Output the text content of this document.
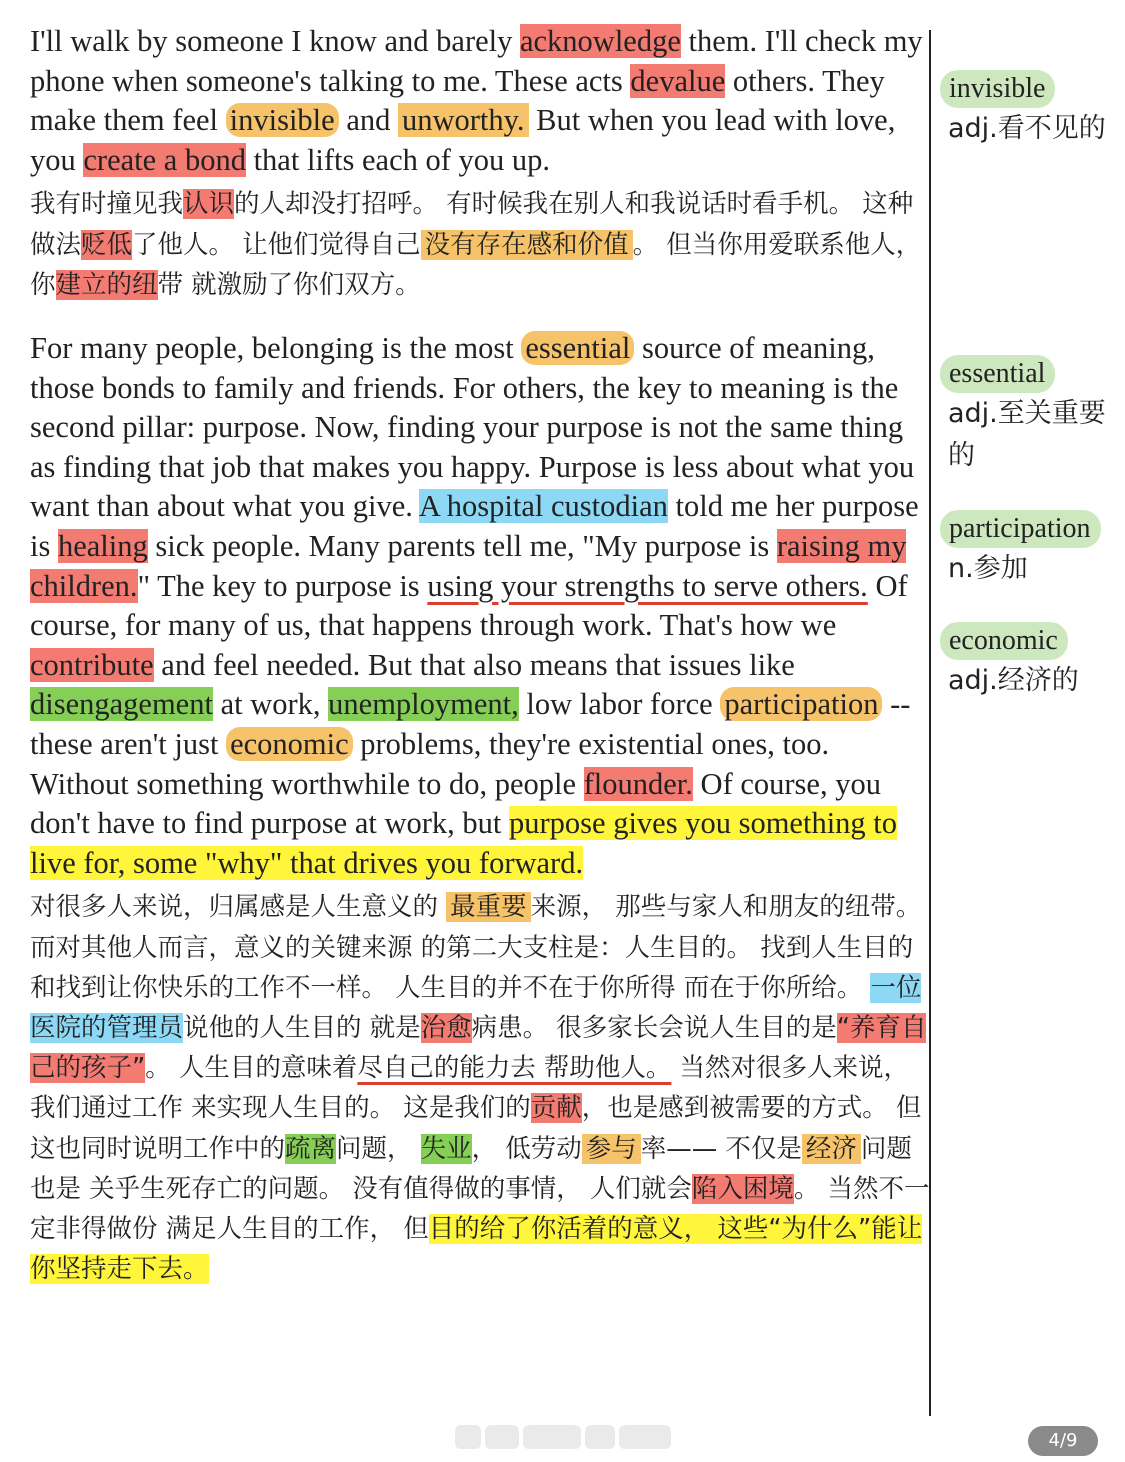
I'll walk by someone I know and barely acknowledge them. I'll check my phone when someone's talking to me. These acts devalue others. They make them feel invisible and unworthy. But when you lead with love, you create a bond that lifts each of you up.

我有时撞见我认识的人却没打招呼。 有时候我在别人和我说话时看手机。 这种做法贬低了他人。 让他们觉得自己 没有存在感和价值 。 但当你用爱联系他人，你建立的纽带 就激励了你们双方。

For many people, belonging is the most essential source of meaning, those bonds to family and friends. For others, the key to meaning is the second pillar: purpose. Now, finding your purpose is not the same thing as finding that job that makes you happy. Purpose is less about what you want than about what you give. A hospital custodian told me her purpose is healing sick people. Many parents tell me, "My purpose is raising my children." The key to purpose is using your strengths to serve others. Of course, for many of us, that happens through work. That's how we contribute and feel needed. But that also means that issues like disengagement at work, unemployment, low labor force participation -- these aren't just economic problems, they're existential ones, too. Without something worthwhile to do, people flounder. Of course, you don't have to find purpose at work, but purpose gives you something to live for, some "why" that drives you forward.

对很多人来说，归属感是人生意义的 最重要 来源， 那些与家人和朋友的纽带。 而对其他人而言，意义的关键来源 的第二大支柱是：人生目的。 找到人生目的 和找到让你快乐的工作不一样。 人生目的并不在于你所得 而在于你所给。 一位医院的管理员说他的人生目的 就是治愈病患。 很多家长会说人生目的是“养育自己的孩子”。 人生目的意味着尽自己的能力去 帮助他人。 当然对很多人来说，我们通过工作 来实现人生目的。 这是我们的贡献，也是感到被需要的方式。 但这也同时说明工作中的疏离问题， 失业， 低劳动 参与 率—— 不仅是 经济 问题也是 关乎生死存亡的问题。 没有值得做的事情， 人们就会陷入困境。 当然不一定非得做份 满足人生目的工作， 但目的给了你活着的意义， 这些“为什么”能让你坚持走下去。

invisible
adj.看不见的
essential
adj.至关重要的
participation
n.参加
economic
adj.经济的
4/9
